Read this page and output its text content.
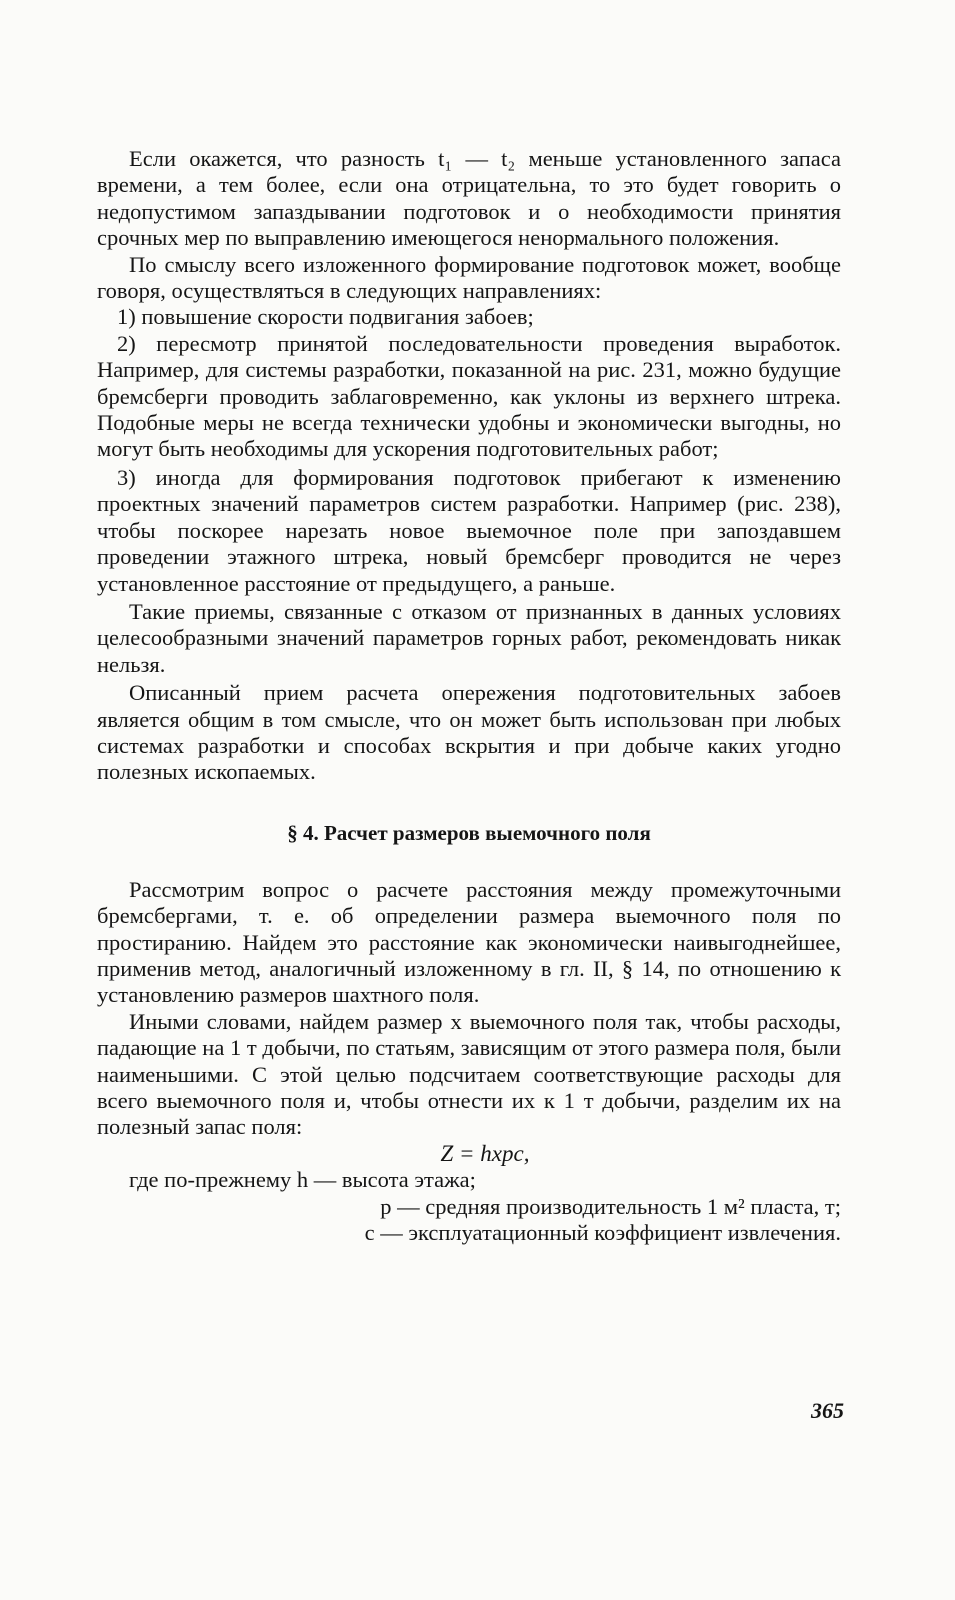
Если окажется, что разность t₁ — t₂ меньше установленного запаса времени, а тем более, если она отрицательна, то это будет говорить о недопустимом запаздывании подготовок и о необходимости принятия срочных мер по выправлению имеющегося ненормального положения.

По смыслу всего изложенного формирование подготовок может, вообще говоря, осуществляться в следующих направлениях:

1) повышение скорости подвигания забоев;

2) пересмотр принятой последовательности проведения выработок. Например, для системы разработки, показанной на рис. 231, можно будущие бремсберги проводить заблаговременно, как уклоны из верхнего штрека. Подобные меры не всегда технически удобны и экономически выгодны, но могут быть необходимы для ускорения подготовительных работ;

3) иногда для формирования подготовок прибегают к изменению проектных значений параметров систем разработки. Например (рис. 238), чтобы поскорее нарезать новое выемочное поле при запоздавшем проведении этажного штрека, новый бремсберг проводится не через установленное расстояние от предыдущего, а раньше.

Такие приемы, связанные с отказом от признанных в данных условиях целесообразными значений параметров горных работ, рекомендовать никак нельзя.

Описанный прием расчета опережения подготовительных забоев является общим в том смысле, что он может быть использован при любых системах разработки и способах вскрытия и при добыче каких угодно полезных ископаемых.

§ 4. Расчет размеров выемочного поля

Рассмотрим вопрос о расчете расстояния между промежуточными бремсбергами, т. е. об определении размера выемочного поля по простиранию. Найдем это расстояние как экономически наивыгоднейшее, применив метод, аналогичный изложенному в гл. II, § 14, по отношению к установлению размеров шахтного поля.

Иными словами, найдем размер x выемочного поля так, чтобы расходы, падающие на 1 т добычи, по статьям, зависящим от этого размера поля, были наименьшими. С этой целью подсчитаем соответствующие расходы для всего выемочного поля и, чтобы отнести их к 1 т добычи, разделим их на полезный запас поля:

Z = hxpc,

где по-прежнему h — высота этажа;

p — средняя производительность 1 м² пласта, т;

c — эксплуатационный коэффициент извлечения.

365
